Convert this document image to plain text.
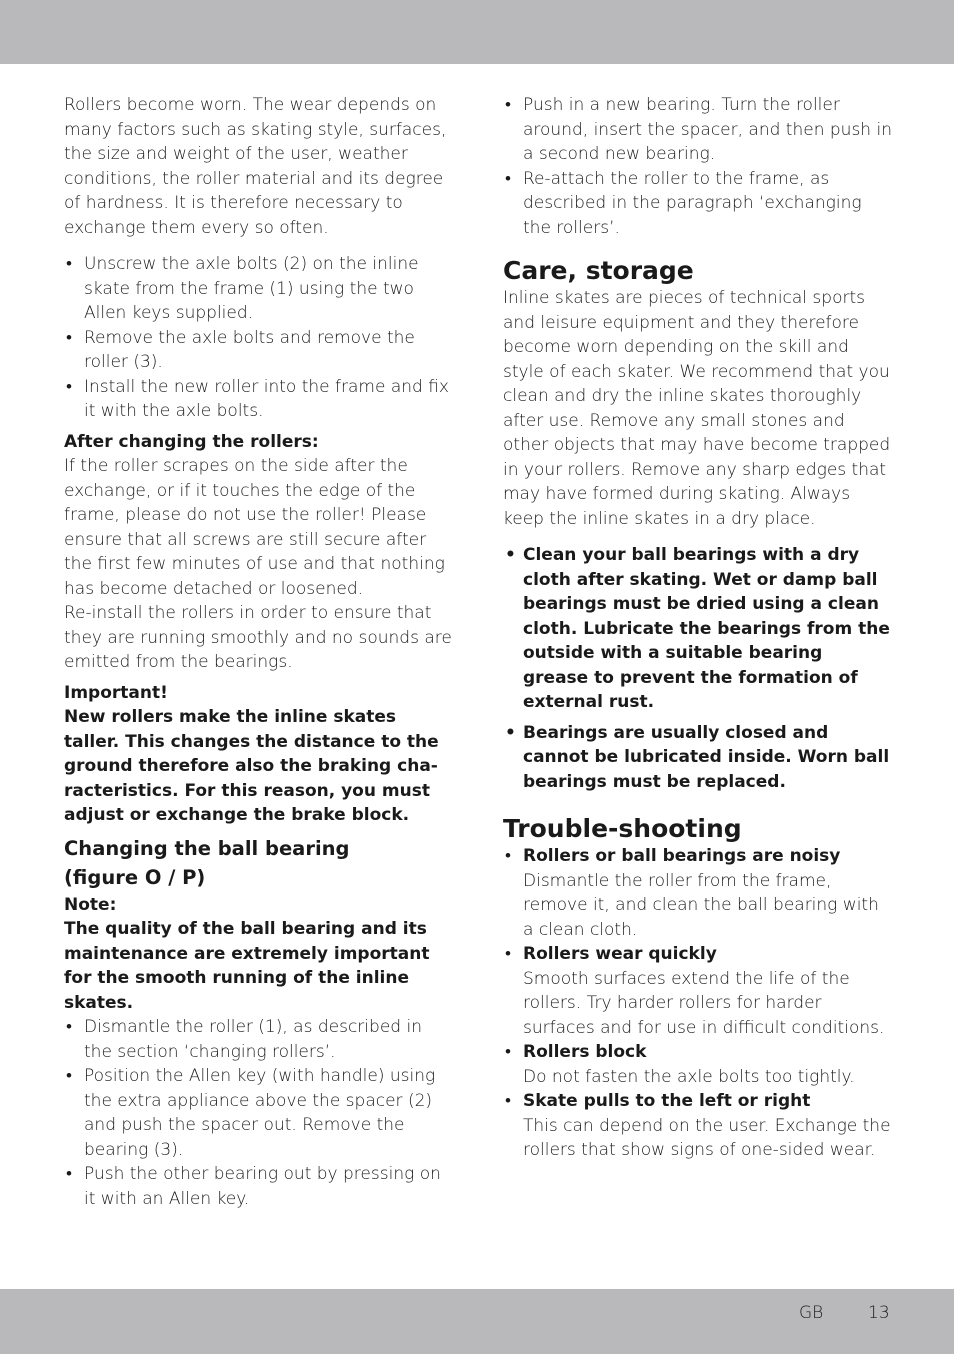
Rollers become worn. The wear depends on many factors such as skating style, surfaces, the size and weight of the user, weather conditions, the roller material and its degree of hardness. It is therefore necessary to exchange them every so often.

• Unscrew the axle bolts (2) on the inline skate from the frame (1) using the two Allen keys supplied.
• Remove the axle bolts and remove the roller (3).
• Install the new roller into the frame and fix it with the axle bolts.

After changing the rollers:

If the roller scrapes on the side after the exchange, or if it touches the edge of the frame, please do not use the roller! Please ensure that all screws are still secure after the first few minutes of use and that nothing has become detached or loosened.

Re-install the rollers in order to ensure that they are running smoothly and no sounds are emitted from the bearings.

Important!

New rollers make the inline skates taller. This changes the distance to the ground therefore also the braking cha-racteristics. For this reason, you must adjust or exchange the brake block.

Changing the ball bearing
(figure O / P)

Note:

The quality of the ball bearing and its maintenance are extremely important for the smooth running of the inline skates.

• Dismantle the roller (1), as described in the section ‘changing rollers’.
• Position the Allen key (with handle) using the extra appliance above the spacer (2) and push the spacer out. Remove the bearing (3).
• Push the other bearing out by pressing on it with an Allen key.
• Push in a new bearing. Turn the roller around, insert the spacer, and then push in a second new bearing.
• Re-attach the roller to the frame, as described in the paragraph ‘exchanging the rollers’.
Care, storage

Inline skates are pieces of technical sports and leisure equipment and they therefore become worn depending on the skill and style of each skater. We recommend that you clean and dry the inline skates thoroughly after use. Remove any small stones and other objects that may have become trapped in your rollers. Remove any sharp edges that may have formed during skating. Always keep the inline skates in a dry place.

• Clean your ball bearings with a dry cloth after skating. Wet or damp ball bearings must be dried using a clean cloth. Lubricate the bearings from the outside with a suitable bearing grease to prevent the formation of external rust.
• Bearings are usually closed and cannot be lubricated inside. Worn ball bearings must be replaced.
Trouble-shooting
• Rollers or ball bearings are noisy
Dismantle the roller from the frame, remove it, and clean the ball bearing with a clean cloth.
• Rollers wear quickly
Smooth surfaces extend the life of the rollers. Try harder rollers for harder surfaces and for use in difficult conditions.
• Rollers block
Do not fasten the axle bolts too tightly.
• Skate pulls to the left or right
This can depend on the user. Exchange the rollers that show signs of one-sided wear.
GB	13
